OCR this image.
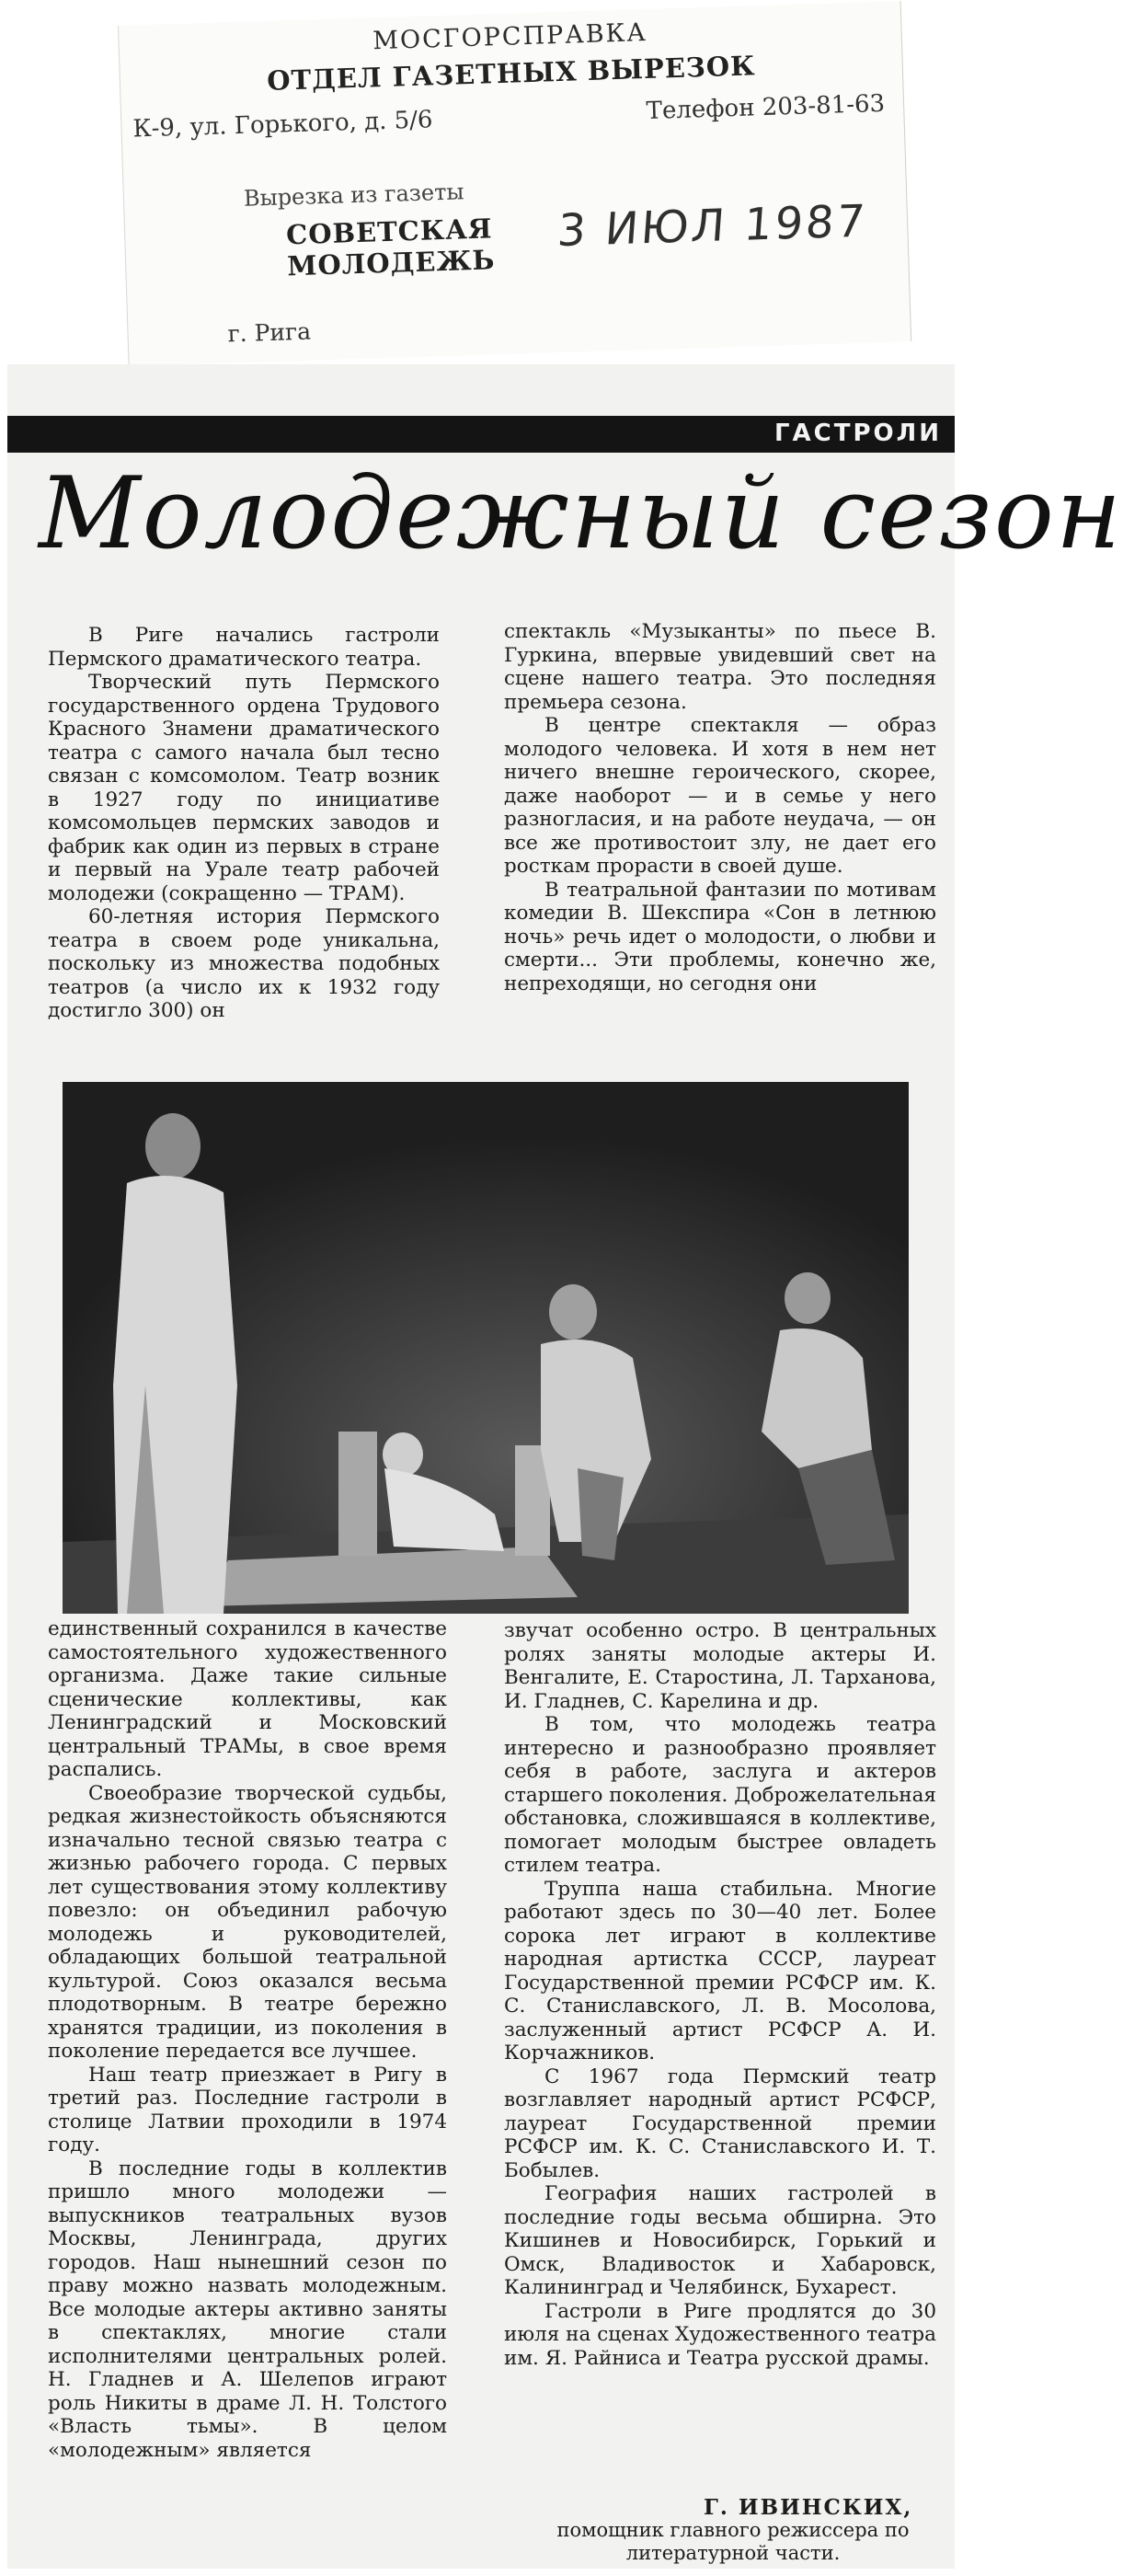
МОСГОРСПРАВКА
ОТДЕЛ ГАЗЕТНЫХ ВЫРЕЗОК
К-9, ул. Горького, д. 5/6	Телефон 203-81-63
Вырезка из газеты
СОВЕТСКАЯ
МОЛОДЕЖЬ
3 ИЮЛ 1987
г. Рига
ГАСТРОЛИ
Молодежный сезон

В Риге начались гастроли Пермского драматического театра.

Творческий путь Пермского государственного ордена Трудового Красного Знамени драматического театра с самого начала был тесно связан с комсомолом. Театр возник в 1927 году по инициативе комсомольцев пермских заводов и фабрик как один из первых в стране и первый на Урале театр рабочей молодежи (сокращенно — ТРАМ).

60-летняя история Пермского театра в своем роде уникальна, поскольку из множества подобных театров (а число их к 1932 году достигло 300) он

спектакль «Музыканты» по пьесе В. Гуркина, впервые увидевший свет на сцене нашего театра. Это последняя премьера сезона.

В центре спектакля — образ молодого человека. И хотя в нем нет ничего внешне героического, скорее, даже наоборот — и в семье у него разногласия, и на работе неудача, — он все же противостоит злу, не дает его росткам прорасти в своей душе.

В театральной фантазии по мотивам комедии В. Шекспира «Сон в летнюю ночь» речь идет о молодости, о любви и смерти... Эти проблемы, конечно же, непреходящи, но сегодня они

единственный сохранился в качестве самостоятельного художественного организма. Даже такие сильные сценические коллективы, как Ленинградский и Московский центральный ТРАМы, в свое время распались.

Своеобразие творческой судьбы, редкая жизнестойкость объясняются изначально тесной связью театра с жизнью рабочего города. С первых лет существования этому коллективу повезло: он объединил рабочую молодежь и руководителей, обладающих большой театральной культурой. Союз оказался весьма плодотворным. В театре бережно хранятся традиции, из поколения в поколение передается все лучшее.

Наш театр приезжает в Ригу в третий раз. Последние гастроли в столице Латвии проходили в 1974 году.

В последние годы в коллектив пришло много молодежи — выпускников театральных вузов Москвы, Ленинграда, других городов. Наш нынешний сезон по праву можно назвать молодежным. Все молодые актеры активно заняты в спектаклях, многие стали исполнителями центральных ролей. Н. Гладнев и А. Шелепов играют роль Никиты в драме Л. Н. Толстого «Власть тьмы». В целом «молодежным» является

звучат особенно остро. В центральных ролях заняты молодые актеры И. Венгалите, Е. Старостина, Л. Тарханова, И. Гладнев, С. Карелина и др.

В том, что молодежь театра интересно и разнообразно проявляет себя в работе, заслуга и актеров старшего поколения. Доброжелательная обстановка, сложившаяся в коллективе, помогает молодым быстрее овладеть стилем театра.

Труппа наша стабильна. Многие работают здесь по 30—40 лет. Более сорока лет играют в коллективе народная артистка СССР, лауреат Государственной премии РСФСР им. К. С. Станиславского, Л. В. Мосолова, заслуженный артист РСФСР А. И. Корчажников.

С 1967 года Пермский театр возглавляет народный артист РСФСР, лауреат Государственной премии РСФСР им. К. С. Станиславского И. Т. Бобылев.

География наших гастролей в последние годы весьма обширна. Это Кишинев и Новосибирск, Горький и Омск, Владивосток и Хабаровск, Калининград и Челябинск, Бухарест.

Гастроли в Риге продлятся до 30 июля на сценах Художественного театра им. Я. Райниса и Театра русской драмы.

Г. ИВИНСКИХ,
помощник главного режиссера по литературной части.
